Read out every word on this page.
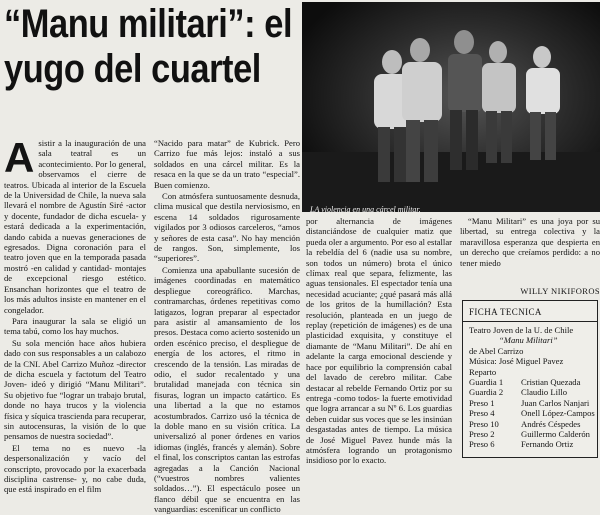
“Manu militari”: el
yugo del cuartel
LA violencia en una cárcel militar.

Asistir a la inauguración de una sala teatral es un acontecimiento. Por lo general, observamos el cierre de teatros. Ubicada al interior de la Escuela de la Universidad de Chile, la nueva sala llevará el nombre de Agustín Siré -actor y docente, fundador de dicha escuela- y estará dedicada a la experimentación, dando cabida a nuevas generaciones de egresados. Digna coronación para el teatro joven que en la temporada pasada mostró -en calidad y cantidad- montajes de excepcional riesgo estético. Ensanchan horizontes que el teatro de los más adultos insiste en mantener en el congelador.

Para inaugurar la sala se eligió un tema tabú, como los hay muchos.

Su sola mención hace años hubiera dado con sus responsables a un calabozo de la CNI. Abel Carrizo Muñoz -director de dicha escuela y factotum del Teatro Joven- ideó y dirigió “Manu Militari”. Su objetivo fue “lograr un trabajo brutal, donde no haya trucos y la violencia física y síquica trascienda para recuperar, sin autocensuras, la visión de lo que pensamos de nuestra sociedad”.

El tema no es nuevo -la despersonalización y vacío del conscripto, provocado por la exacerbada disciplina castrense- y, no cabe duda, que está inspirado en el film

“Nacido para matar” de Kubrick. Pero Carrizo fue más lejos: instaló a sus soldados en una cárcel militar. Es la resaca en la que se da un trato “especial”. Buen comienzo.

Con atmósfera suntuosamente desnuda, clima musical que destila nerviosismo, en escena 14 soldados rigurosamente vigilados por 3 odiosos carceleros, “amos y señores de esta casa”. No hay mención de rangos. Son, simplemente, los “superiores”.

Comienza una apabullante sucesión de imágenes coordinadas en matemático despliegue coreográfico. Marchas, contramarchas, órdenes repetitivas como latigazos, logran preparar al espectador para asistir al amansamiento de los presos. Destaca como acierto sostenido un orden escénico preciso, el despliegue de energía de los actores, el ritmo in crescendo de la tensión. Las miradas de odio, el sudor recalentado y una brutalidad manejada con técnica sin fisuras, logran un impacto catártico. Es una libertad a la que no estamos acostumbrados. Carrizo usó la técnica de la doble mano en su visión crítica. La universalizó al poner órdenes en varios idiomas (inglés, francés y alemán). Sobre el final, los conscriptos cantan las estrofas agregadas a la Canción Nacional (“vuestros nombres valientes soldados…”). El espectáculo posee un flanco débil que se encuentra en las vanguardias: escenificar un conflicto

por alternancia de imágenes distanciándose de cualquier matiz que pueda oler a argumento. Por eso al estallar la rebeldía del 6 (nadie usa su nombre, son todos un número) brota el único clímax real que separa, felizmente, las aguas tensionales. El espectador tenía una necesidad acuciante; ¿qué pasará más allá de los gritos de la humillación? Esta resolución, planteada en un juego de replay (repetición de imágenes) es de una plasticidad exquisita, y constituye el diamante de “Manu Militari”. De ahí en adelante la carga emocional desciende y hace por equilibrio la comprensión cabal del lavado de cerebro militar. Cabe destacar al rebelde Fernando Ortiz por su entrega -como todos- la fuerte emotividad que logra arrancar a su Nº 6. Los guardias deben cuidar sus voces que se les insinúan desgastadas antes de tiempo. La música de José Miguel Pavez hunde más la atmósfera logrando un protagonismo insidioso por lo exacto.

“Manu Militari” es una joya por su libertad, su entrega colectiva y la maravillosa esperanza que despierta en un derecho que creíamos perdido: a no tener miedo

WILLY NIKIFOROS
FICHA TECNICA
Teatro Joven de la U. de Chile
“Manu Militari”
de Abel Carrizo
Música: José Miguel Pavez
Reparto
Guardia 1	Cristian Quezada
Guardia 2	Claudio Lillo
Preso 1	Juan Carlos Nanjari
Preso 4	Onell López-Campos
Preso 10	Andrés Céspedes
Preso 2	Guillermo Calderón
Preso 6	Fernando Ortiz
